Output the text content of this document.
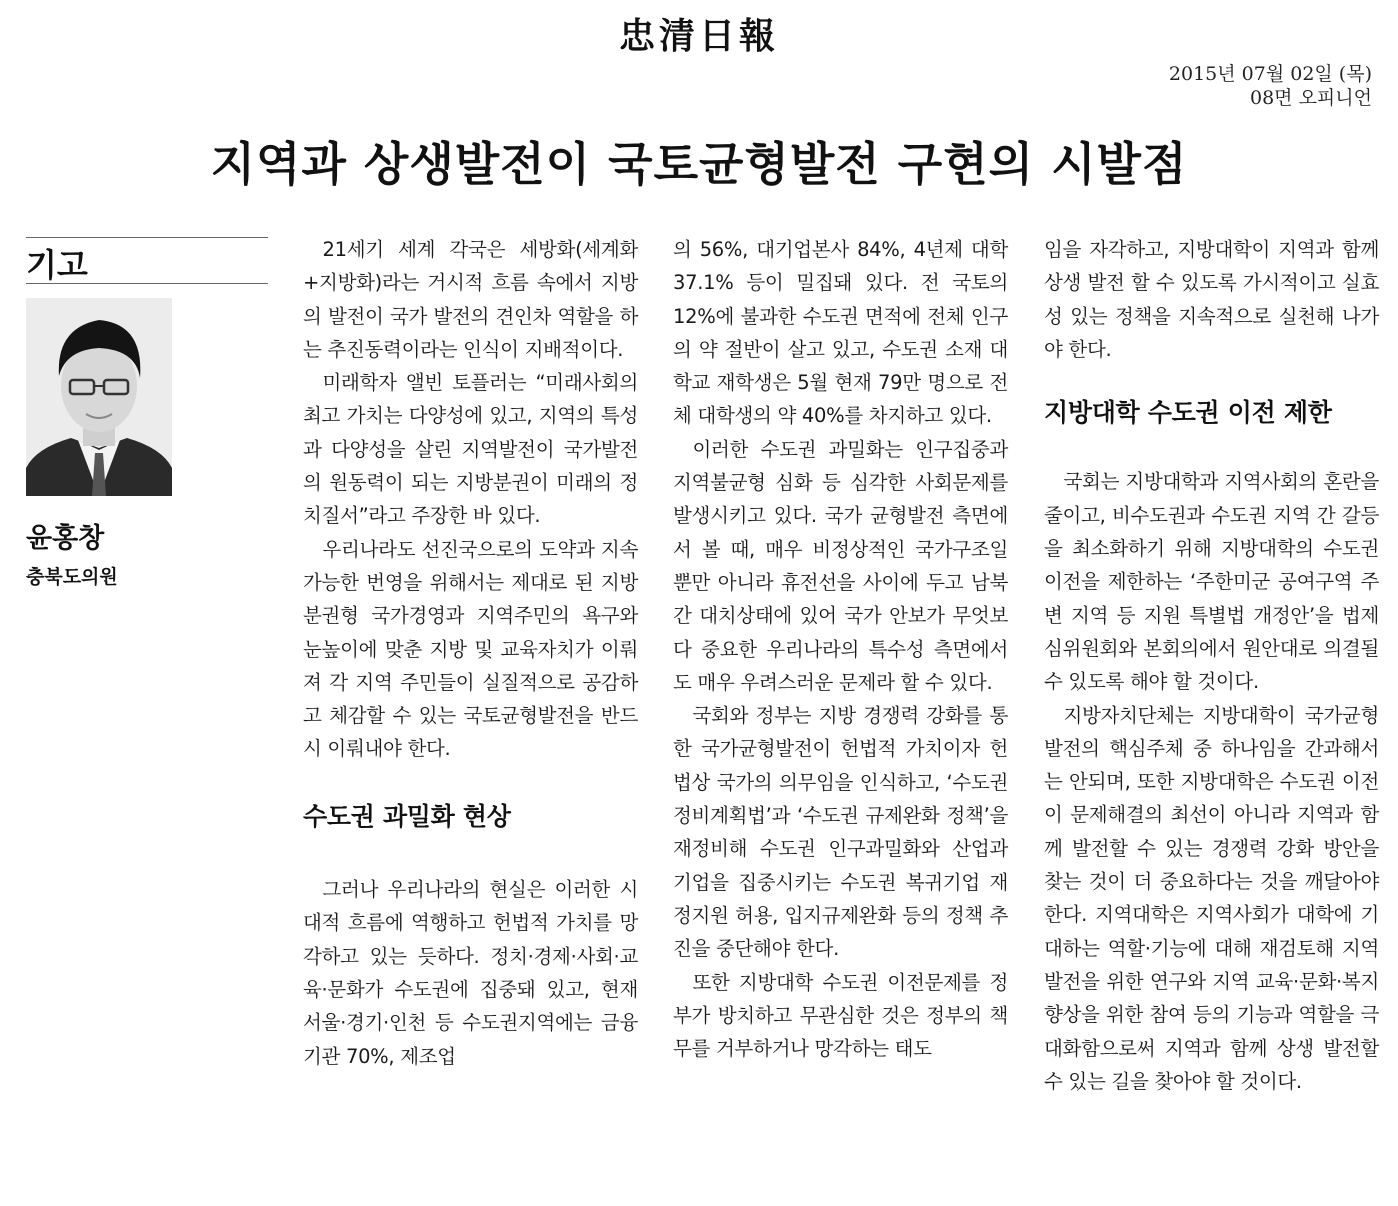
忠清日報
2015년 07월 02일 (목)
08면 오피니언
지역과 상생발전이 국토균형발전 구현의 시발점
기고
윤홍창
충북도의원

21세기 세계 각국은 세방화(세계화+지방화)라는 거시적 흐름 속에서 지방의 발전이 국가 발전의 견인차 역할을 하는 추진동력이라는 인식이 지배적이다.

미래학자 앨빈 토플러는 “미래사회의 최고 가치는 다양성에 있고, 지역의 특성과 다양성을 살린 지역발전이 국가발전의 원동력이 되는 지방분권이 미래의 정치질서”라고 주장한 바 있다.

우리나라도 선진국으로의 도약과 지속가능한 번영을 위해서는 제대로 된 지방분권형 국가경영과 지역주민의 욕구와 눈높이에 맞춘 지방 및 교육자치가 이뤄져 각 지역 주민들이 실질적으로 공감하고 체감할 수 있는 국토균형발전을 반드시 이뤄내야 한다.

수도권 과밀화 현상

그러나 우리나라의 현실은 이러한 시대적 흐름에 역행하고 헌법적 가치를 망각하고 있는 듯하다. 정치·경제·사회·교육·문화가 수도권에 집중돼 있고, 현재 서울·경기·인천 등 수도권지역에는 금융기관 70%, 제조업

의 56%, 대기업본사 84%, 4년제 대학 37.1% 등이 밀집돼 있다. 전 국토의 12%에 불과한 수도권 면적에 전체 인구의 약 절반이 살고 있고, 수도권 소재 대학교 재학생은 5월 현재 79만 명으로 전체 대학생의 약 40%를 차지하고 있다.

이러한 수도권 과밀화는 인구집중과 지역불균형 심화 등 심각한 사회문제를 발생시키고 있다. 국가 균형발전 측면에서 볼 때, 매우 비정상적인 국가구조일 뿐만 아니라 휴전선을 사이에 두고 남북 간 대치상태에 있어 국가 안보가 무엇보다 중요한 우리나라의 특수성 측면에서도 매우 우려스러운 문제라 할 수 있다.

국회와 정부는 지방 경쟁력 강화를 통한 국가균형발전이 헌법적 가치이자 헌법상 국가의 의무임을 인식하고, ‘수도권정비계획법’과 ‘수도권 규제완화 정책’을 재정비해 수도권 인구과밀화와 산업과 기업을 집중시키는 수도권 복귀기업 재정지원 허용, 입지규제완화 등의 정책 추진을 중단해야 한다.

또한 지방대학 수도권 이전문제를 정부가 방치하고 무관심한 것은 정부의 책무를 거부하거나 망각하는 태도

임을 자각하고, 지방대학이 지역과 함께 상생 발전 할 수 있도록 가시적이고 실효성 있는 정책을 지속적으로 실천해 나가야 한다.

지방대학 수도권 이전 제한

국회는 지방대학과 지역사회의 혼란을 줄이고, 비수도권과 수도권 지역 간 갈등을 최소화하기 위해 지방대학의 수도권 이전을 제한하는 ‘주한미군 공여구역 주변 지역 등 지원 특별법 개정안’을 법제심위원회와 본회의에서 원안대로 의결될 수 있도록 해야 할 것이다.

지방자치단체는 지방대학이 국가균형발전의 핵심주체 중 하나임을 간과해서는 안되며, 또한 지방대학은 수도권 이전이 문제해결의 최선이 아니라 지역과 함께 발전할 수 있는 경쟁력 강화 방안을 찾는 것이 더 중요하다는 것을 깨달아야 한다. 지역대학은 지역사회가 대학에 기대하는 역할·기능에 대해 재검토해 지역발전을 위한 연구와 지역 교육·문화·복지 향상을 위한 참여 등의 기능과 역할을 극대화함으로써 지역과 함께 상생 발전할 수 있는 길을 찾아야 할 것이다.
